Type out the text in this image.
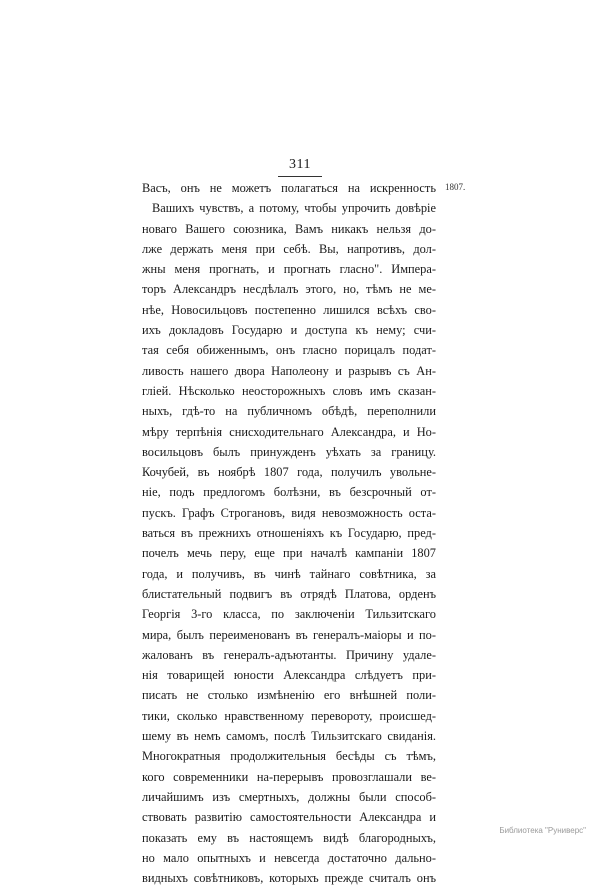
311
1807.
Васъ, онъ не можетъ полагаться на искренность
Вашихъ чувствъ, а потому, чтобы упрочить довѣріе
новаго Вашего союзника, Вамъ никакъ нельзя до-
лже держать меня при себѣ. Вы, напротивъ, дол-
жны меня прогнать, и прогнать гласно". Импера-
торъ Александръ несдѣлалъ этого, но, тѣмъ не ме-
нѣе, Новосильцовъ постепенно лишился всѣхъ сво-
ихъ докладовъ Государю и доступа къ нему; счи-
тая себя обиженнымъ, онъ гласно порицалъ подат-
ливость нашего двора Наполеону и разрывъ съ Ан-
гліей. Нѣсколько неосторожныхъ словъ имъ сказан-
ныхъ, гдѣ-то на публичномъ обѣдѣ, переполнили
мѣру терпѣнія снисходительнаго Александра, и Но-
восильцовъ былъ принужденъ уѣхать за границу.
Кочубей, въ ноябрѣ 1807 года, получилъ увольне-
ніе, подъ предлогомъ болѣзни, въ безсрочный от-
пускъ. Графъ Строгановъ, видя невозможность оста-
ваться въ прежнихъ отношеніяхъ къ Государю, пред-
почелъ мечь перу, еще при началѣ кампаніи 1807
года, и получивъ, въ чинѣ тайнаго совѣтника, за
блистательный подвигъ въ отрядѣ Платова, орденъ
Георгія 3-го класса, по заключеніи Тильзитскаго
мира, былъ переименованъ въ генералъ-маіоры и по-
жалованъ въ генералъ-адъютанты. Причину удале-
нія товарищей юности Александра слѣдуетъ при-
писать не столько измѣненію его внѣшней поли-
тики, сколько нравственному перевороту, происшед-
шему въ немъ самомъ, послѣ Тильзитскаго свиданія.
Многократныя продолжительныя бесѣды съ тѣмъ,
кого современники на-перерывъ провозглашали ве-
личайшимъ изъ смертныхъ, должны были способ-
ствовать развитію самостоятельности Александра и
показать ему въ настоящемъ видѣ благородныхъ,
но мало опытныхъ и невсегда достаточно дально-
видныхъ совѣтниковъ, которыхъ прежде считалъ онъ
Библиотека "Руниверс"
